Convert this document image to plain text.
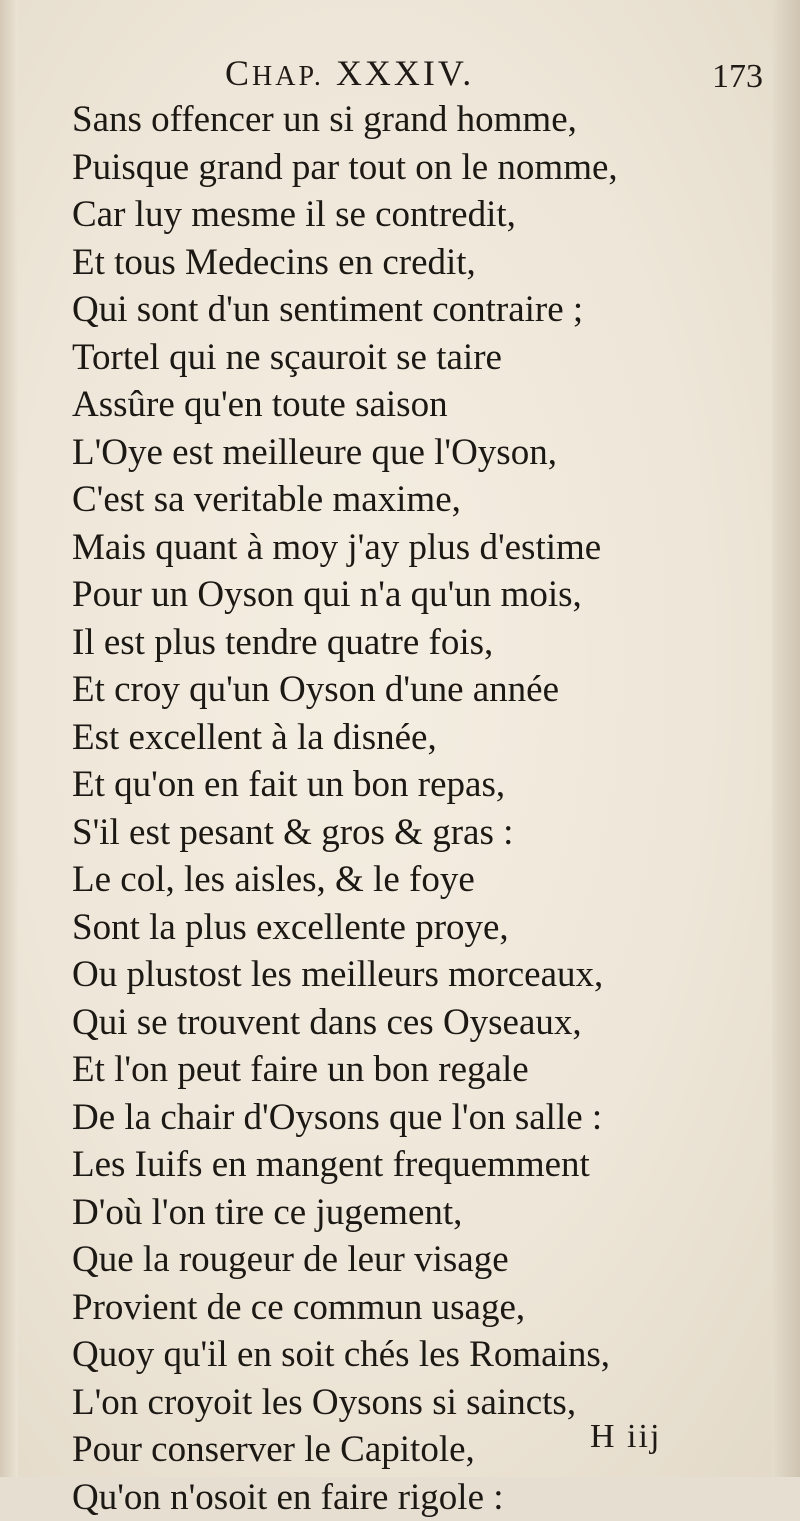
CHAP. XXXIV.	173
Sans offencer un si grand homme,
Puisque grand par tout on le nomme,
Car luy mesme il se contredit,
Et tous Medecins en credit,
Qui sont d'un sentiment contraire ;
Tortel qui ne sçauroit se taire
Assûre qu'en toute saison
L'Oye est meilleure que l'Oyson,
C'est sa veritable maxime,
Mais quant à moy j'ay plus d'estime
Pour un Oyson qui n'a qu'un mois,
Il est plus tendre quatre fois,
Et croy qu'un Oyson d'une année
Est excellent à la disnée,
Et qu'on en fait un bon repas,
S'il est pesant & gros & gras :
Le col, les aisles, & le foye
Sont la plus excellente proye,
Ou plustost les meilleurs morceaux,
Qui se trouvent dans ces Oyseaux,
Et l'on peut faire un bon regale
De la chair d'Oysons que l'on salle :
Les Iuifs en mangent frequemment
D'où l'on tire ce jugement,
Que la rougeur de leur visage
Provient de ce commun usage,
Quoy qu'il en soit chés les Romains,
L'on croyoit les Oysons si saincts,
Pour conserver le Capitole,
Qu'on n'osoit en faire rigole :
H iij
